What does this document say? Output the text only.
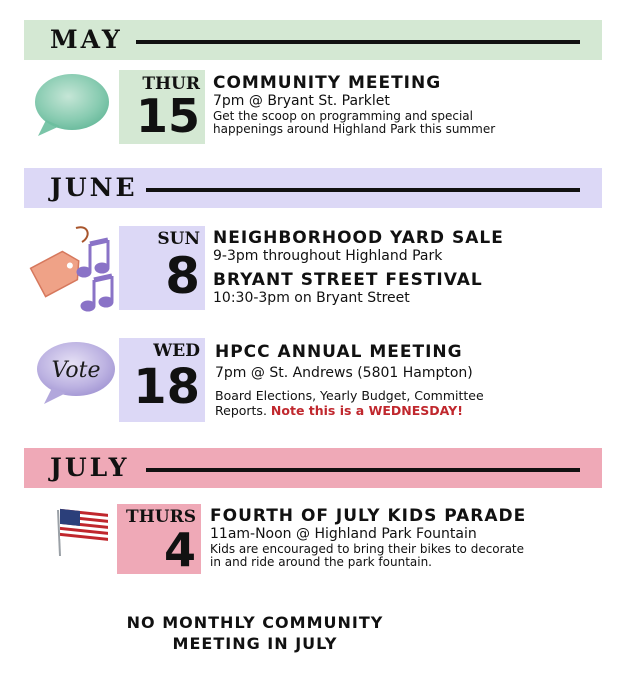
MAY
THUR
15
COMMUNITY MEETING
7pm @ Bryant St. Parklet
Get the scoop on programming and special happenings around Highland Park this summer
JUNE
SUN
8
NEIGHBORHOOD YARD SALE
9-3pm throughout Highland Park
BRYANT STREET FESTIVAL
10:30-3pm on Bryant Street
Vote
WED
18
HPCC ANNUAL MEETING
7pm @ St. Andrews (5801 Hampton)
Board Elections, Yearly Budget, Committee Reports. Note this is a WEDNESDAY!
JULY
THURS
4
FOURTH OF JULY KIDS PARADE
11am-Noon @ Highland Park Fountain
Kids are encouraged to bring their bikes to decorate in and ride around the park fountain.
NO MONTHLY COMMUNITY
MEETING IN JULY
